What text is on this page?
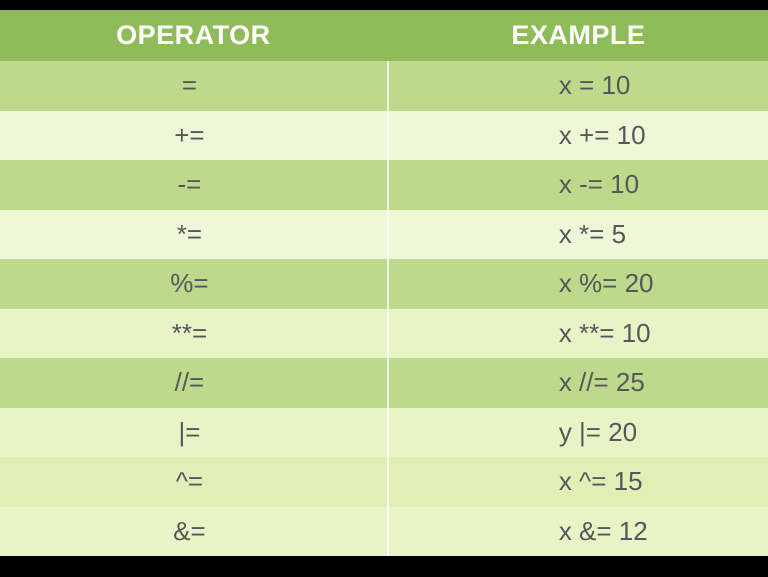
OPERATOR	EXAMPLE
=	x = 10
+=	x += 10
-=	x -= 10
*=	x *= 5
%=	x %= 20
**=	x **= 10
//=	x //= 25
|=	y |= 20
^=	x ^= 15
&=	x &= 12
